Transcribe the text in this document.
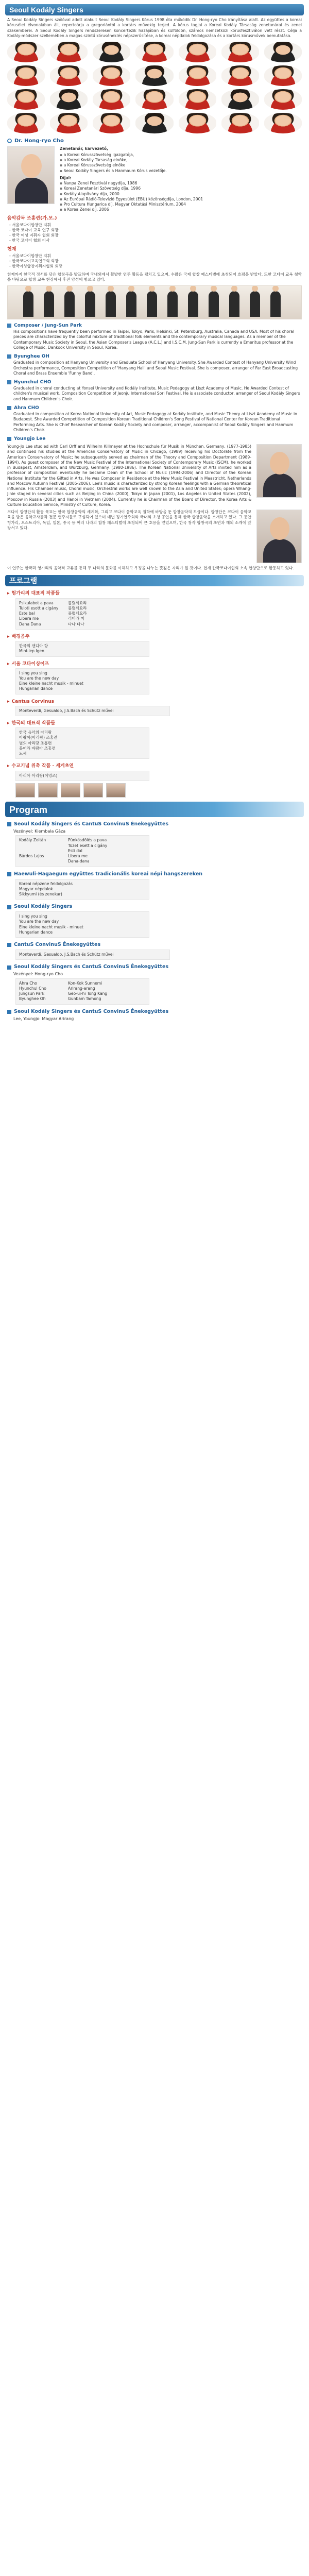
Seoul Kodály Singers
A Seoul Kodály Singers szólóval adott alakult Seoul Kodály Singers Kórus 1998 óta működik Dr. Hong-ryo Cho irányítása alatt. Az együttes a koreai kórusélet élvonalában áll, repertoárja a gregoriántól a kortárs művekig terjed. A kórus tagjai a Koreai Kodály Társaság zenetanárai és zenei szakemberei. A Seoul Kodály Singers rendszeresen koncertezik hazájában és külföldön, számos nemzetközi kórusfesztiválon vett részt. Célja a Kodály-módszer szellemében a magas szintű kóruséneklés népszerűsítése, a koreai népdalok feldolgozása és a kortárs kórusművek bemutatása.
● Dr. Hong-ryo Cho
Zenetanár, karvezető,
▪ a Koreai Kórusszövetség igazgatója,
▪ a Koreai Kodály Társaság elnöke,
▪ a Koreai Kórusszövetség elnöke
▪ Seoul Kodály Singers és a Hanmaum Kórus vezetője.
Díjai:
▪ Nanpa Zenei Fesztivál nagydíja, 1986
▪ Koreai Zenetanári Szövetség díja, 1996
▪ Kodály Alapítvány díja, 2000
▪ Az Európai Rádió-Televízió Egyesület (EBU) közönségdíja, London, 2001
▪ Pro Cultura Hungarica díj, Magyar Oktatási Minisztérium, 2004
▪ a Korea Zenei díj, 2006
음악감독 조홍련(가.모.)
- 서울코다이합창단 지휘
- 한국 코다이 교육 연구 회장
- 한국 여성 지휘자 협회 회장
- 한국 코다이 협회 이사
현재
- 서울코다이합창단 지휘
- 한국코다이교육연구회 회장
- 한국여성합창지휘자협회 회장
현재까지 한국적 정서를 담은 합창곡을 발표하며 국내외에서 활발한 연주 활동을 펼치고 있으며, 수많은 국제 합창 페스티벌에 초청되어 호평을 받았다. 또한 코다이 교육 철학을 바탕으로 합창 교육 현장에서 후진 양성에 힘쓰고 있다.
Composer / Jung-Sun Park
His compositions have frequently been performed in Taipei, Tokyo, Paris, Helsinki, St. Petersburg, Australia, Canada and USA. Most of his choral pieces are characterized by the colorful mixture of traditional folk elements and the contemporary musical languages. As a member of the Contemporary Music Society in Seoul, the Asian Composer's League (A.C.L.) and I.S.C.M. Jung-Sun Park is currently a Emeritus professor at the College of Music, Dankook University in Seoul, Korea.
Byunghee OH
Graduated in composition at Hanyang University and Graduate School of Hanyang University. She Awarded Contest of Hanyang University Wind Orchestra performance, Composition Competition of 'Hanyang Hall' and Seoul Music Festival. She is composer, arranger of Far East Broadcasting Choral and Brass Ensemble 'Funny Band'.
Hyunchul CHO
Graduated in choral conducting at Yonsei University and Kodály Institute, Music Pedagogy at Liszt Academy of Music. He Awarded Contest of children's musical work, Composition Competition of Jeonju International Sori Festival. He is associate conductor, arranger of Seoul Kodály Singers and Hanmum Children's Choir.
Ahra CHO
Graduated in composition at Korea National University of Art, Music Pedagogy at Kodály Institute, and Music Theory at Liszt Academy of Music in Budapest. She Awarded Competition of Composition Korean Traditional Children's Song Festival of National Center for Korean Traditional Performing Arts. She is Chief Researcher of Korean Kodály Society and composer, arranger, accompanist of Seoul Kodály Singers and Hanmum Children's Choir.
Youngjo Lee
Young-Jo Lee studied with Carl Orff and Wilhelm Killmayer at the Hochschule für Musik in München, Germany, (1977-1985) and continued his studies at the American Conservatory of Music in Chicago, (1989) receiving his Doctorate from the American Conservatory of Music; he subsequently served as chairman of the Theory and Composition Department (1989-1994). As guest composer of the New Music Festival of the International Society of Contemporary Music (ISCM), he worked in Budapest, Amsterdam, and Würzburg, Germany. (1980-1986). The Korean National University of Arts invited him as a professor of composition eventually he became Dean of the School of Music (1994-2006) and Director of the Korean National Institute for the Gifted in Arts. He was Composer in Residence at the New Music Festival in Maastricht, Netherlands and Moscow Autumn Festival (2005-2006). Lee's music is characterized by strong Korean feelings with a German theoretical influence. His Chamber music, Choral music, Orchestral works are well known to the Asia and United States; opera Whang-Jinie staged in several cities such as Beijing in China (2000), Tokyo in Japan (2001), Los Angeles in United States (2002), Moscow in Russia (2003) and Hanoi in Vietnam (2004). Currently he is Chairman of the Board of Director, the Korea Arts & Culture Education Service, Ministry of Culture, Korea.
코다이 합창단의 활동 목표는 한국 합창음악의 세계화, 그리고 코다이 음악교육 철학에 바탕을 둔 합창음악의 보급이다. 합창단은 코다이 음악교육을 받은 음악교사들과 전문 연주자들로 구성되어 있으며 매년 정기연주회와 국내외 초청 공연을 통해 한국 합창음악을 소개하고 있다. 그 동안 헝가리, 오스트리아, 독일, 일본, 중국 등 여러 나라의 합창 페스티벌에 초청되어 큰 호응을 얻었으며, 한국 창작 합창곡의 초연과 해외 소개에 앞장서고 있다.
이 연주는 한국과 헝가리의 음악적 교류를 통해 두 나라의 문화를 이해하고 우정을 나누는 뜻깊은 자리가 될 것이다. 현재 한국코다이협회 소속 합창단으로 활동하고 있다.
프로그램
▸ 헝가리의 대표적 작품들
Psikulabot a pava	풀렸세요라
Tuloti esott a cigány	풀렸세요라
Este bal	풀렸세요라
Libera me	리버라 미
Dana Dana	다나 다나
▸ 배경음주
한국의 샌디아 항
Mini-lep Igen
▸ 서울 코다이싱어즈
I sing you sing
You are the new day
Eine kleine nacht musik - minuet
Hungarian dance
▸ Cantus Corvinus
Monteverdi, Gesualdo, J.S.Bach és Schütz művei
▸ 한국의 대표적 작품들
한국 음악의 아리랑
아랑이(아리랑) 조홍련
별의 아리랑 조홍련
불어라 바람아 조홍련
노새
▸ 수교기념 위촉 작품 - 세계초연
아리아 아리랑(이영조)
Program
Seoul Kodály Singers és CantuS ConvinuS Énekegyüttes
Vezényel: Kiembala Gáza
Kodály Zoltán	Pünkösdölés a pava
Tüzet esett a cigány
Esti dal
Bárdos Lajos	Libera me
Dana-dana
Haewuli-Hagaegum együttes tradicionális koreai népi hangszereken
Koreai népzene feldolgozás
Magyar népdalok
Sikkyumi (és zenekar)
Seoul Kodály Singers
I sing you sing
You are the new day
Eine kleine nacht musik - minuet
Hungarian dance
CantuS ConvinuS Énekegyüttes
Monteverdi, Gesualdo, J.S.Bach és Schütz művei
Seoul Kodály Singers és CantuS ConvinuS Énekegyüttes
Vezényel: Hong-ryo Cho
Ahra Cho	Kon-Kok Sunnemi
Hyunchul Cho	Arirang-arang
Jungsun Park	Geo-ui-hi Tong Kang
Byunghee Oh	Gunbam Tamong
Seoul Kodály Singers és CantuS ConvinuS Énekegyüttes
Lee, Youngjo: Magyar Arirang
